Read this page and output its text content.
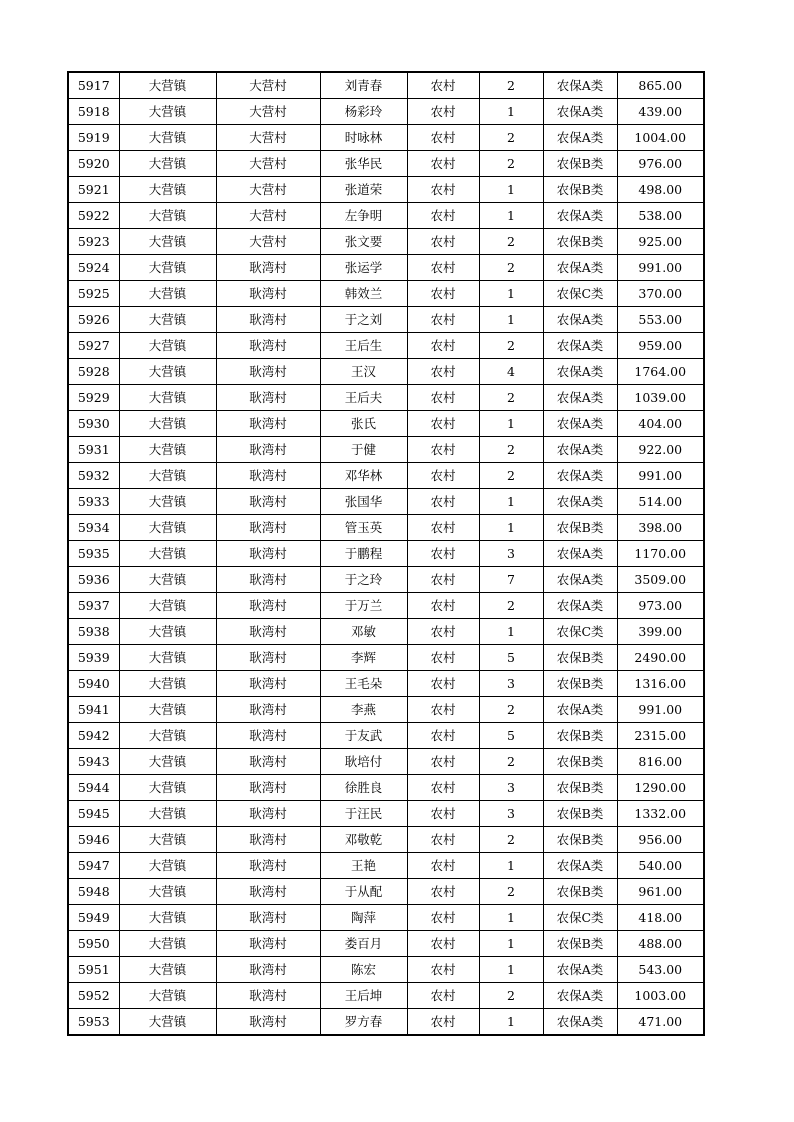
5917	大营镇	大营村	刘青春	农村	2	农保A类	865.00
5918	大营镇	大营村	杨彩玲	农村	1	农保A类	439.00
5919	大营镇	大营村	时咏林	农村	2	农保A类	1004.00
5920	大营镇	大营村	张华民	农村	2	农保B类	976.00
5921	大营镇	大营村	张道荣	农村	1	农保B类	498.00
5922	大营镇	大营村	左争明	农村	1	农保A类	538.00
5923	大营镇	大营村	张文要	农村	2	农保B类	925.00
5924	大营镇	耿湾村	张运学	农村	2	农保A类	991.00
5925	大营镇	耿湾村	韩效兰	农村	1	农保C类	370.00
5926	大营镇	耿湾村	于之刘	农村	1	农保A类	553.00
5927	大营镇	耿湾村	王后生	农村	2	农保A类	959.00
5928	大营镇	耿湾村	王汉	农村	4	农保A类	1764.00
5929	大营镇	耿湾村	王后夫	农村	2	农保A类	1039.00
5930	大营镇	耿湾村	张氏	农村	1	农保A类	404.00
5931	大营镇	耿湾村	于健	农村	2	农保A类	922.00
5932	大营镇	耿湾村	邓华林	农村	2	农保A类	991.00
5933	大营镇	耿湾村	张国华	农村	1	农保A类	514.00
5934	大营镇	耿湾村	管玉英	农村	1	农保B类	398.00
5935	大营镇	耿湾村	于鹏程	农村	3	农保A类	1170.00
5936	大营镇	耿湾村	于之玲	农村	7	农保A类	3509.00
5937	大营镇	耿湾村	于万兰	农村	2	农保A类	973.00
5938	大营镇	耿湾村	邓敏	农村	1	农保C类	399.00
5939	大营镇	耿湾村	李辉	农村	5	农保B类	2490.00
5940	大营镇	耿湾村	王毛朵	农村	3	农保B类	1316.00
5941	大营镇	耿湾村	李燕	农村	2	农保A类	991.00
5942	大营镇	耿湾村	于友武	农村	5	农保B类	2315.00
5943	大营镇	耿湾村	耿培付	农村	2	农保B类	816.00
5944	大营镇	耿湾村	徐胜良	农村	3	农保B类	1290.00
5945	大营镇	耿湾村	于汪民	农村	3	农保B类	1332.00
5946	大营镇	耿湾村	邓敬乾	农村	2	农保B类	956.00
5947	大营镇	耿湾村	王艳	农村	1	农保A类	540.00
5948	大营镇	耿湾村	于从配	农村	2	农保B类	961.00
5949	大营镇	耿湾村	陶萍	农村	1	农保C类	418.00
5950	大营镇	耿湾村	娄百月	农村	1	农保B类	488.00
5951	大营镇	耿湾村	陈宏	农村	1	农保A类	543.00
5952	大营镇	耿湾村	王后坤	农村	2	农保A类	1003.00
5953	大营镇	耿湾村	罗方春	农村	1	农保A类	471.00
